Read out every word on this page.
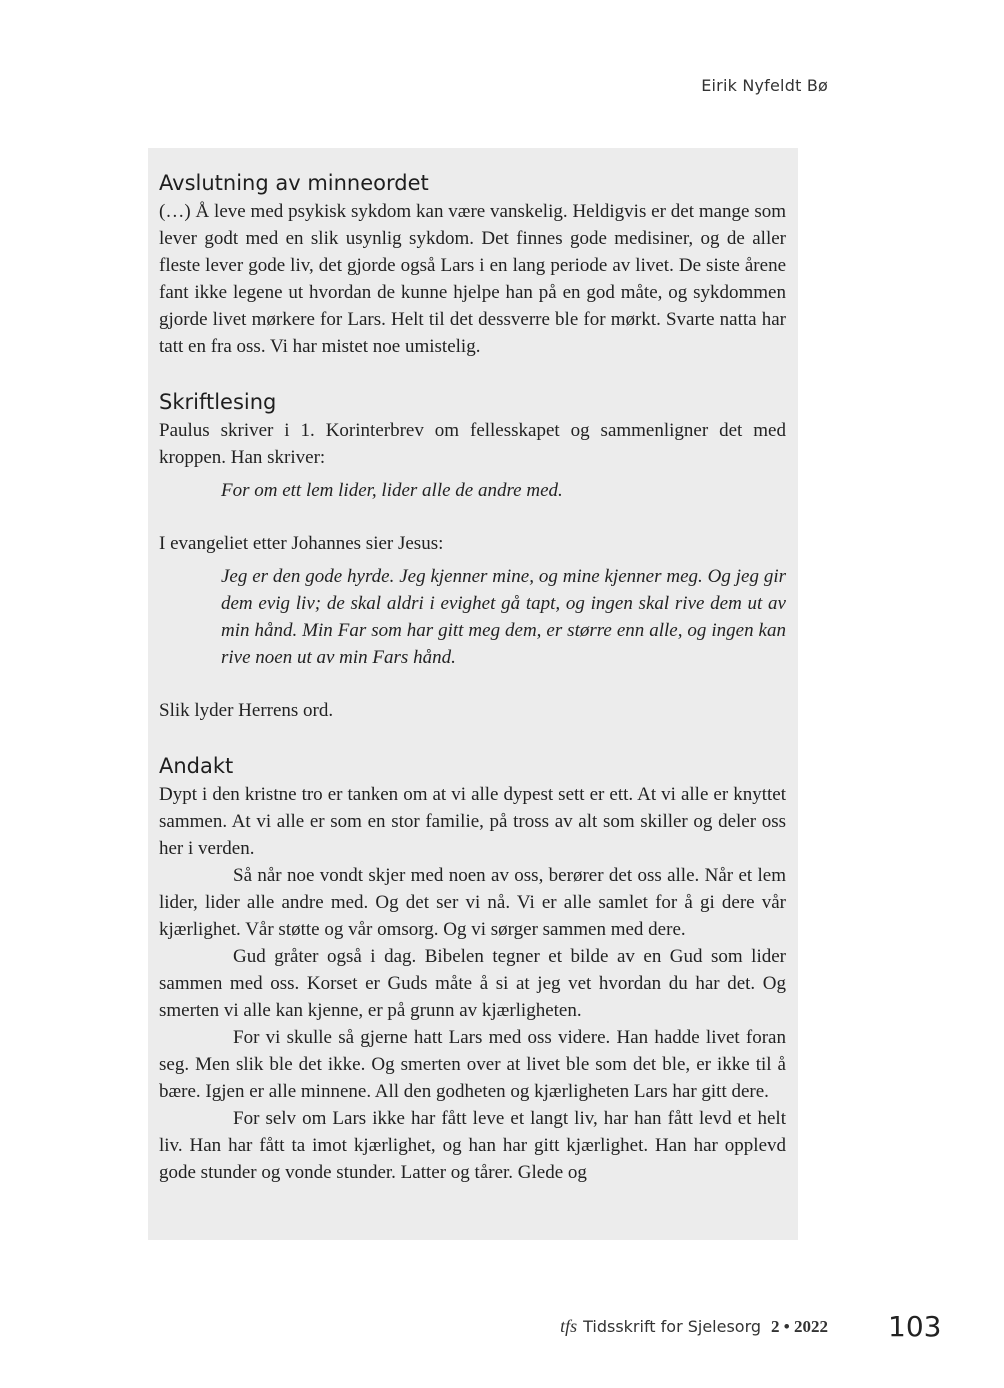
Eirik Nyfeldt Bø
Avslutning av minneordet

(…) Å leve med psykisk sykdom kan være vanskelig. Heldigvis er det mange som lever godt med en slik usynlig sykdom. Det finnes gode medisiner, og de aller fleste lever gode liv, det gjorde også Lars i en lang periode av livet. De siste årene fant ikke legene ut hvordan de kunne hjelpe han på en god måte, og sykdommen gjorde livet mørkere for Lars. Helt til det dessverre ble for mørkt. Svarte natta har tatt en fra oss. Vi har mistet noe umistelig.

Skriftlesing

Paulus skriver i 1. Korinterbrev om fellesskapet og sammenligner det med kroppen. Han skriver:

For om ett lem lider, lider alle de andre med.

I evangeliet etter Johannes sier Jesus:

Jeg er den gode hyrde. Jeg kjenner mine, og mine kjenner meg. Og jeg gir dem evig liv; de skal aldri i evighet gå tapt, og ingen skal rive dem ut av min hånd. Min Far som har gitt meg dem, er større enn alle, og ingen kan rive noen ut av min Fars hånd.

Slik lyder Herrens ord.

Andakt

Dypt i den kristne tro er tanken om at vi alle dypest sett er ett. At vi alle er knyttet sammen. At vi alle er som en stor familie, på tross av alt som skiller og deler oss her i verden.

Så når noe vondt skjer med noen av oss, berører det oss alle. Når et lem lider, lider alle andre med. Og det ser vi nå. Vi er alle samlet for å gi dere vår kjærlighet. Vår støtte og vår omsorg. Og vi sørger sammen med dere.

Gud gråter også i dag. Bibelen tegner et bilde av en Gud som lider sammen med oss. Korset er Guds måte å si at jeg vet hvordan du har det. Og smerten vi alle kan kjenne, er på grunn av kjærligheten.

For vi skulle så gjerne hatt Lars med oss videre. Han hadde livet foran seg. Men slik ble det ikke. Og smerten over at livet ble som det ble, er ikke til å bære. Igjen er alle minnene. All den godheten og kjærligheten Lars har gitt dere.

For selv om Lars ikke har fått leve et langt liv, har han fått levd et helt liv. Han har fått ta imot kjærlighet, og han har gitt kjærlighet. Han har opplevd gode stunder og vonde stunder. Latter og tårer. Glede og

tfs Tidsskrift for Sjelesorg 2 • 2022 103
